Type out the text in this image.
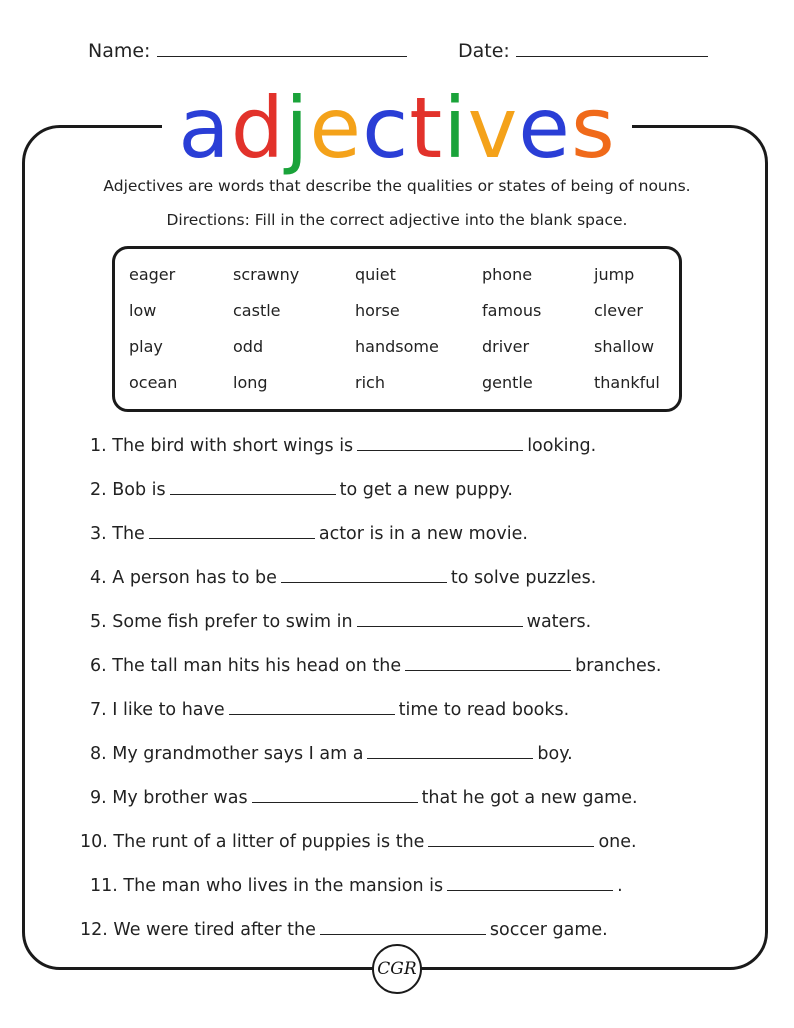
Name:	Date:
adjectives
Adjectives are words that describe the qualities or states of being of nouns.
Directions: Fill in the correct adjective into the blank space.
eager	scrawny	quiet	phone	jump
low	castle	horse	famous	clever
play	odd	handsome	driver	shallow
ocean	long	rich	gentle	thankful
1. The bird with short wings is	looking.
2. Bob is	to get a new puppy.
3. The	actor is in a new movie.
4. A person has to be	to solve puzzles.
5. Some fish prefer to swim in	waters.
6. The tall man hits his head on the	branches.
7. I like to have	time to read books.
8. My grandmother says I am a	boy.
9. My brother was	that he got a new game.
10. The runt of a litter of puppies is the	one.
11. The man who lives in the mansion is	.
12. We were tired after the	soccer game.
CGR
